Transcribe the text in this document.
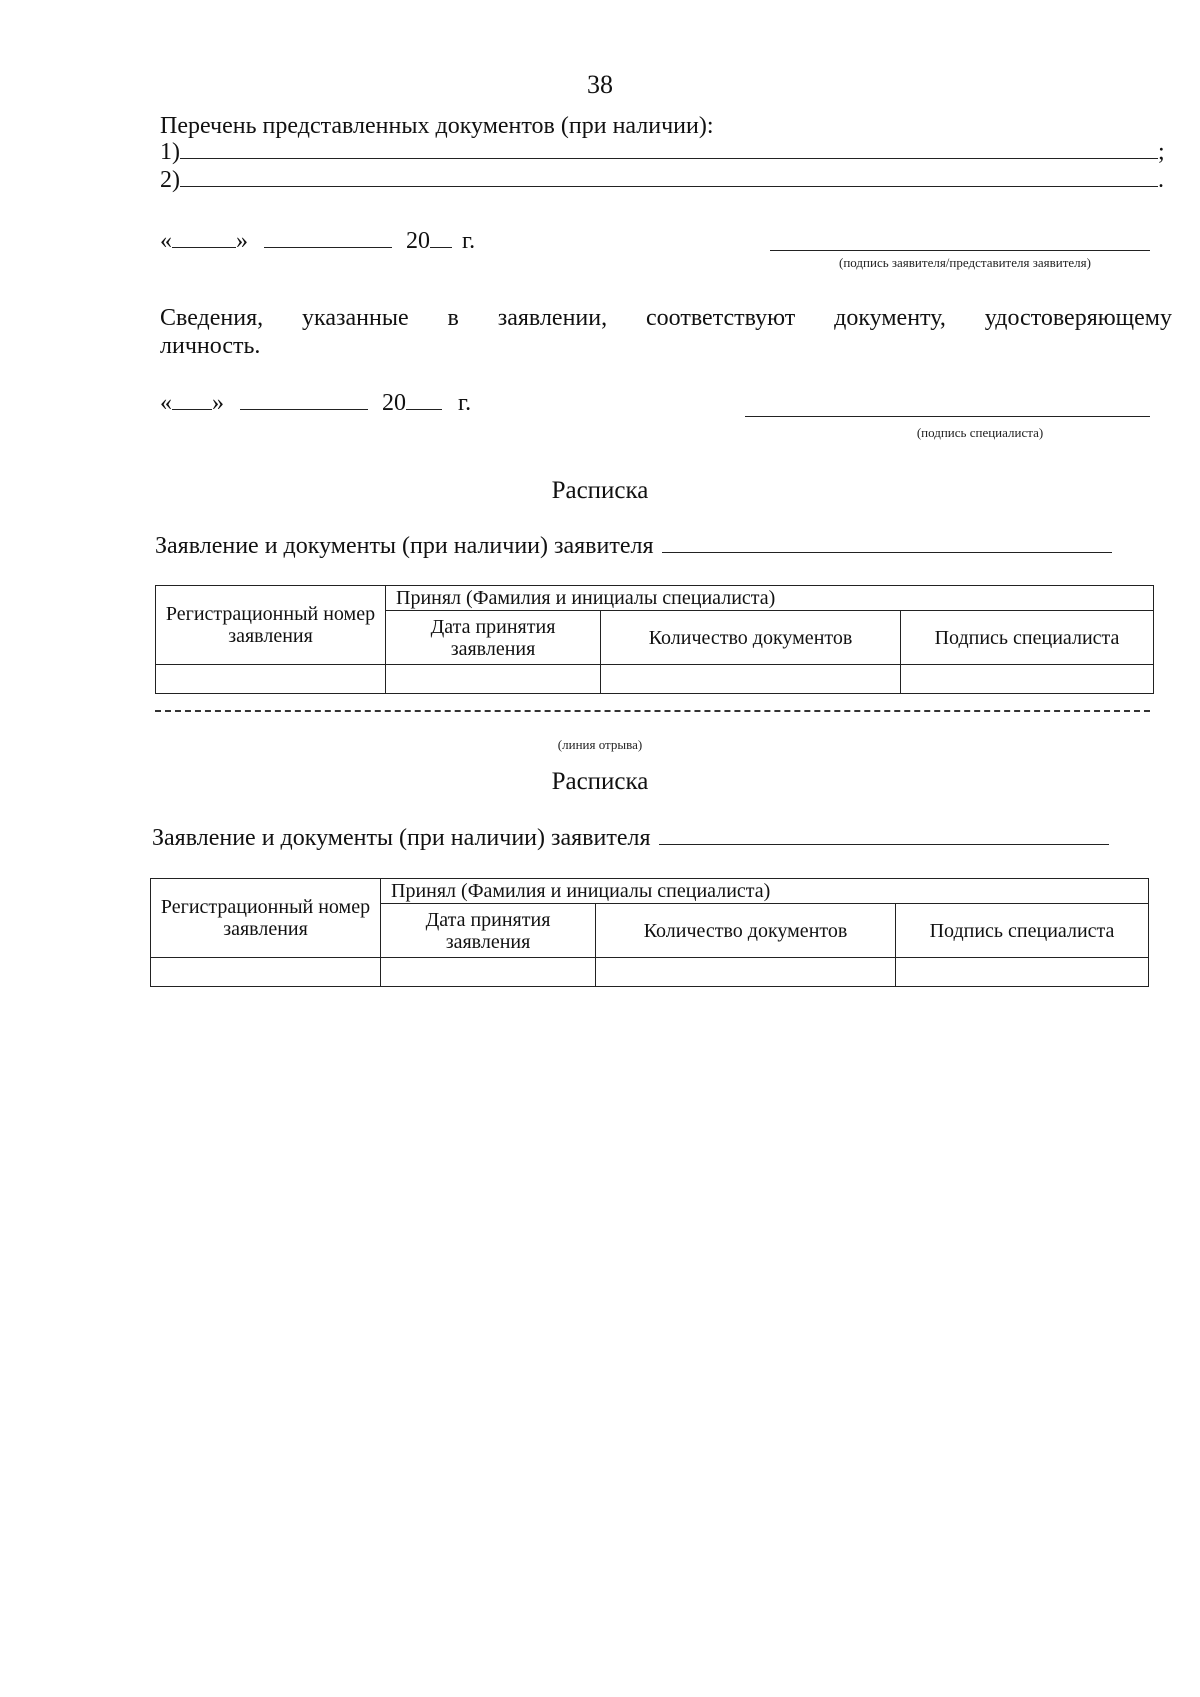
38
Перечень представленных документов (при наличии):
1)	;
2)	.
«	»	20 г.
(подпись заявителя/представителя заявителя)
Сведения, указанные в заявлении, соответствуют документу, удостоверяющему
личность.
« »	20 г.
(подпись специалиста)
Расписка
Заявление и документы (при наличии) заявителя
Регистрационный номер заявления	Принял (Фамилия и инициалы специалиста)		
	Дата принятия заявления	Количество документов	Подпись специалиста

(линия отрыва)
Расписка
Заявление и документы (при наличии) заявителя
Регистрационный номер заявления	Принял (Фамилия и инициалы специалиста)		
	Дата принятия заявления	Количество документов	Подпись специалиста
